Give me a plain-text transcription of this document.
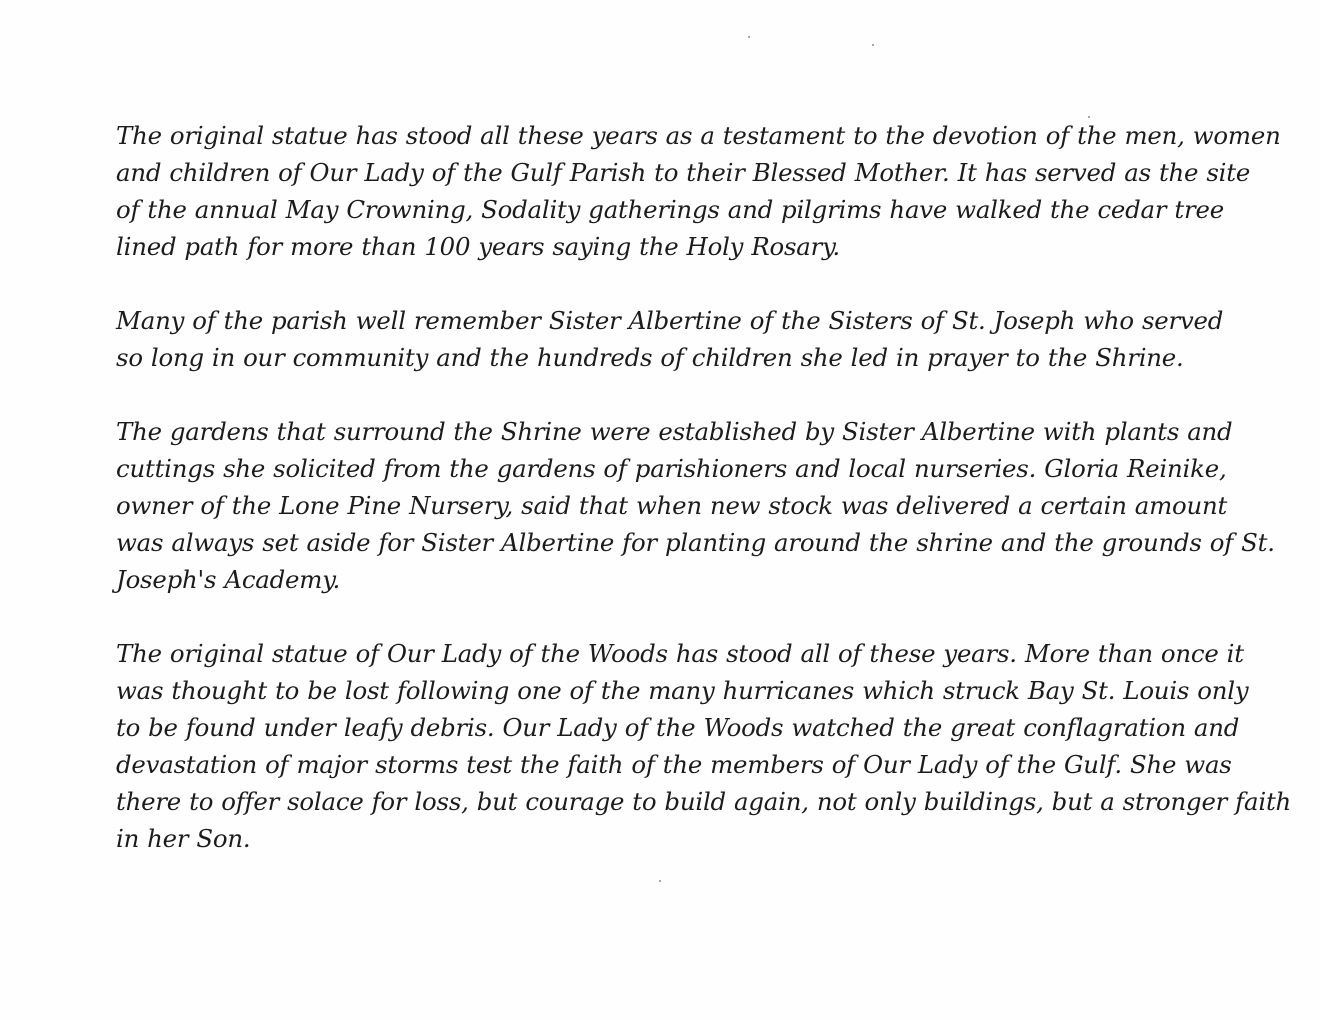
The original statue has stood all these years as a testament to the devotion of the men, women
and children of Our Lady of the Gulf Parish to their Blessed Mother. It has served as the site
of the annual May Crowning, Sodality gatherings and pilgrims have walked the cedar tree
lined path for more than 100 years saying the Holy Rosary.

Many of the parish well remember Sister Albertine of the Sisters of St. Joseph who served
so long in our community and the hundreds of children she led in prayer to the Shrine.

The gardens that surround the Shrine were established by Sister Albertine with plants and
cuttings she solicited from the gardens of parishioners and local nurseries. Gloria Reinike,
owner of the Lone Pine Nursery, said that when new stock was delivered a certain amount
was always set aside for Sister Albertine for planting around the shrine and the grounds of St.
Joseph's Academy.

The original statue of Our Lady of the Woods has stood all of these years. More than once it
was thought to be lost following one of the many hurricanes which struck Bay St. Louis only
to be found under leafy debris. Our Lady of the Woods watched the great conflagration and
devastation of major storms test the faith of the members of Our Lady of the Gulf. She was
there to offer solace for loss, but courage to build again, not only buildings, but a stronger faith
in her Son.
